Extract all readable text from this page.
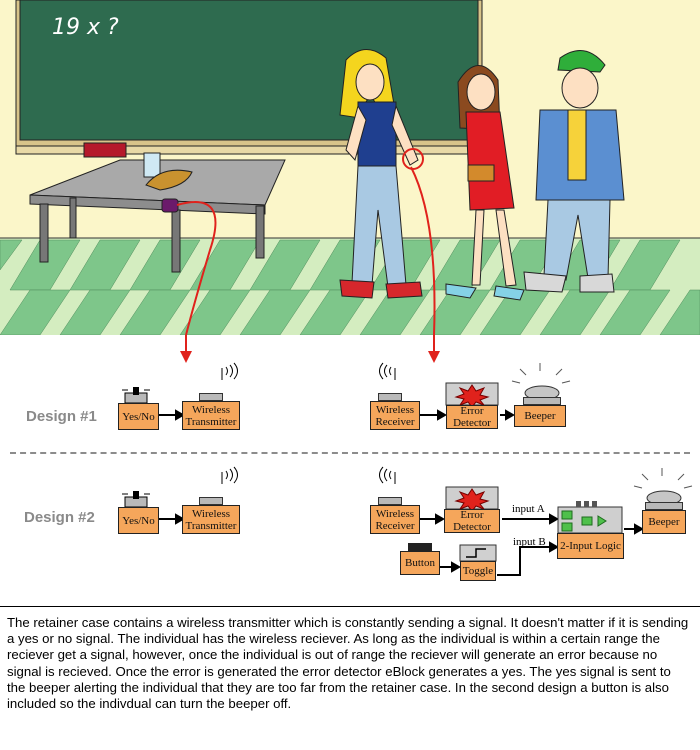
19 x ?
Design #1 Yes/No
Wireless
Transmitter
Wireless
Receiver
Error
Detector
Beeper
Design #2 Yes/No
Wireless
Transmitter
Wireless
Receiver
Error
Detector
input A
input B
Button
Toggle
2-Input Logic
Beeper
The retainer case contains a wireless transmitter which is constantly sending a signal. It doesn't matter if it is sending a yes or no signal. The individual has the wireless reciever. As long as the individual is within a certain range the reciever get a signal, however, once the individual is out of range the reciever will generate an error because no signal is recieved. Once the error is generated the error detector eBlock generates a yes. The yes signal is sent to the beeper alerting the individual that they are too far from the retainer case. In the second design a button is also included so the indivdual can turn the beeper off.
